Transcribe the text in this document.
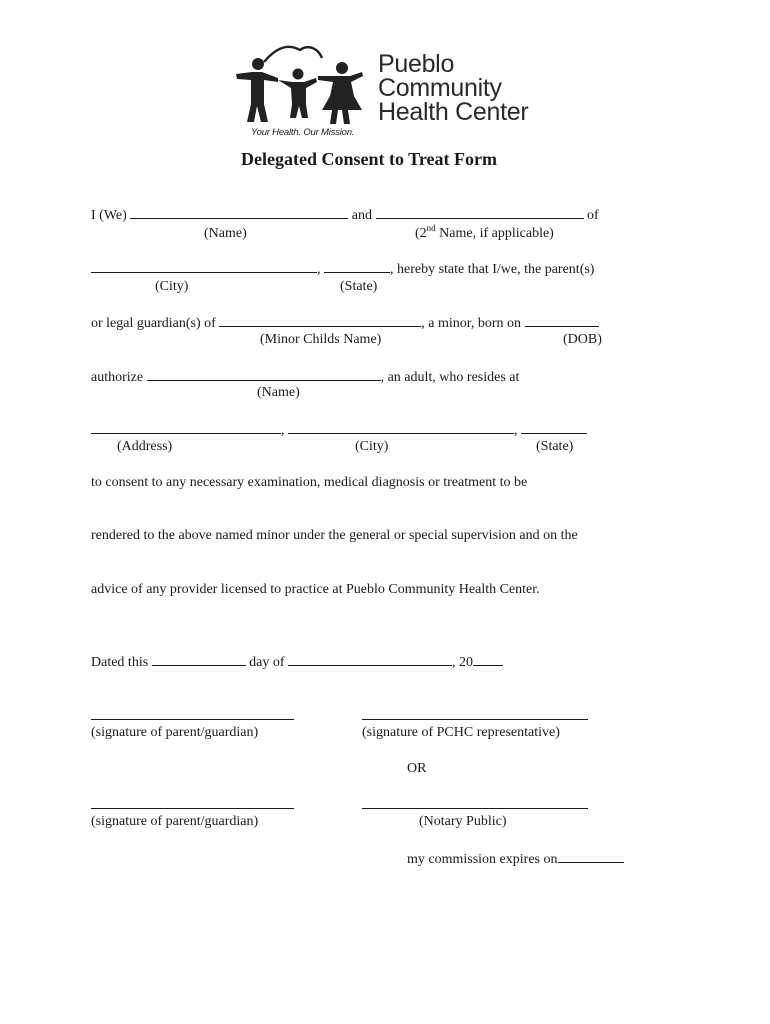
Pueblo
Community
Health Center
Your Health. Our Mission.
Delegated Consent to Treat Form
I (We)	and	of
(Name)	(2nd Name, if applicable)
,	, hereby state that I/we, the parent(s)
(City)	(State)
or legal guardian(s) of	, a minor, born on
(Minor Childs Name)	(DOB)
authorize	, an adult, who resides at
(Name)
,	,
(Address)	(City)	(State)
to consent to any necessary examination, medical diagnosis or treatment to be
rendered to the above named minor under the general or special supervision and on the
advice of any provider licensed to practice at Pueblo Community Health Center.
Dated this	day of	, 20
(signature of parent/guardian)	(signature of PCHC representative)
OR
(signature of parent/guardian)	(Notary Public)
my commission expires on
